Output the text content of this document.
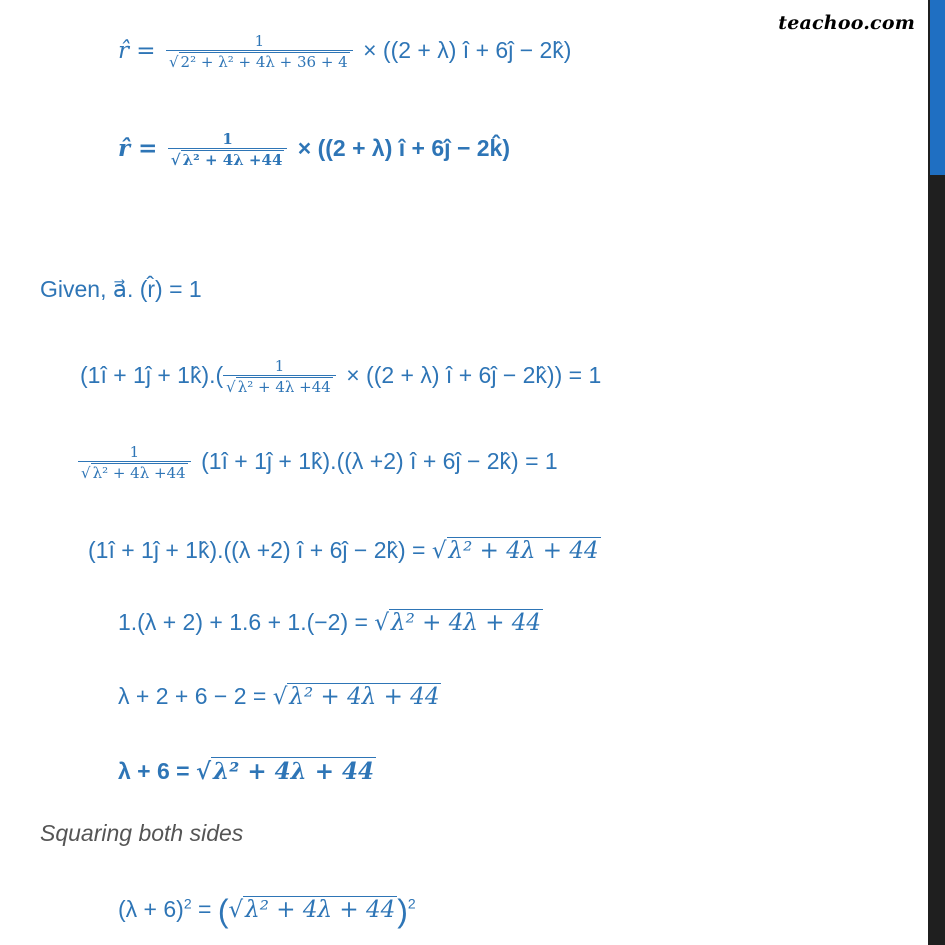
teachoo.com
r̂ = $\frac{1}{\text{√ 2² + λ² + 4λ + 36 + 4}} \times ((2 + \lambda)$ î + 6ĵ − 2k̂)
r̂ = $\frac{1}{\text{√ λ² + 4λ +44}} \times ((2 + \lambda)$ î + 6ĵ − 2k̂)
Given, a⃗. (r̂) = 1
(1î + 1ĵ + 1k̂).( $\frac{1}{\text{√ λ² + 4λ +44}} \times ((2 + \lambda)$ î + 6ĵ − 2k̂)) = 1
$\frac{1}{\text{√ λ² + 4λ +44}}$ (1î + 1ĵ + 1k̂).((λ +2) î + 6ĵ − 2k̂) = 1
(1î + 1ĵ + 1k̂).((λ +2) î + 6ĵ − 2k̂) = √λ² + 4λ + 44
1.(λ + 2) + 1.6 + 1.(−2) = √λ² + 4λ + 44
λ + 2 + 6 − 2 = √λ² + 4λ + 44
λ + 6 = √λ² + 4λ + 44
Squaring both sides
$(\lambda + 6)^2 = (√\lambda^2 + 4\lambda + 44)^2$
